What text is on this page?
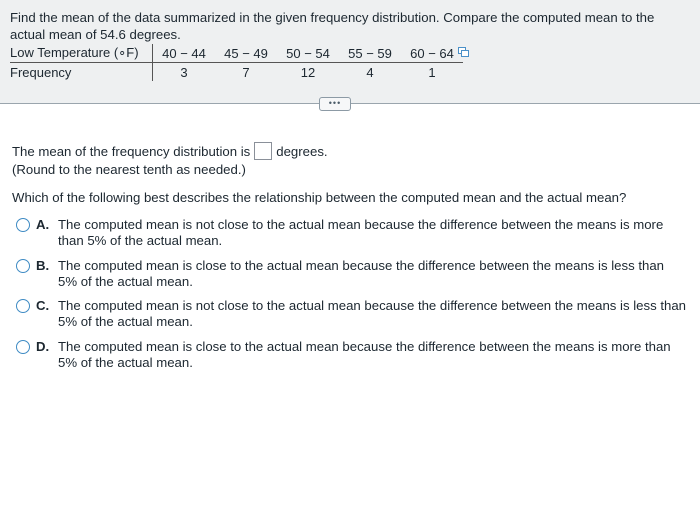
Find the mean of the data summarized in the given frequency distribution. Compare the computed mean to the actual mean of 54.6 degrees.
Low Temperature (∘F)	40 − 44	45 − 49	50 − 54	55 − 59	60 − 64
Frequency	3	7	12	4	1
•••
The mean of the frequency distribution is degrees.
(Round to the nearest tenth as needed.)
Which of the following best describes the relationship between the computed mean and the actual mean?
A. The computed mean is not close to the actual mean because the difference between the means is more than 5% of the actual mean.
B. The computed mean is close to the actual mean because the difference between the means is less than 5% of the actual mean.
C. The computed mean is not close to the actual mean because the difference between the means is less than 5% of the actual mean.
D. The computed mean is close to the actual mean because the difference between the means is more than 5% of the actual mean.
